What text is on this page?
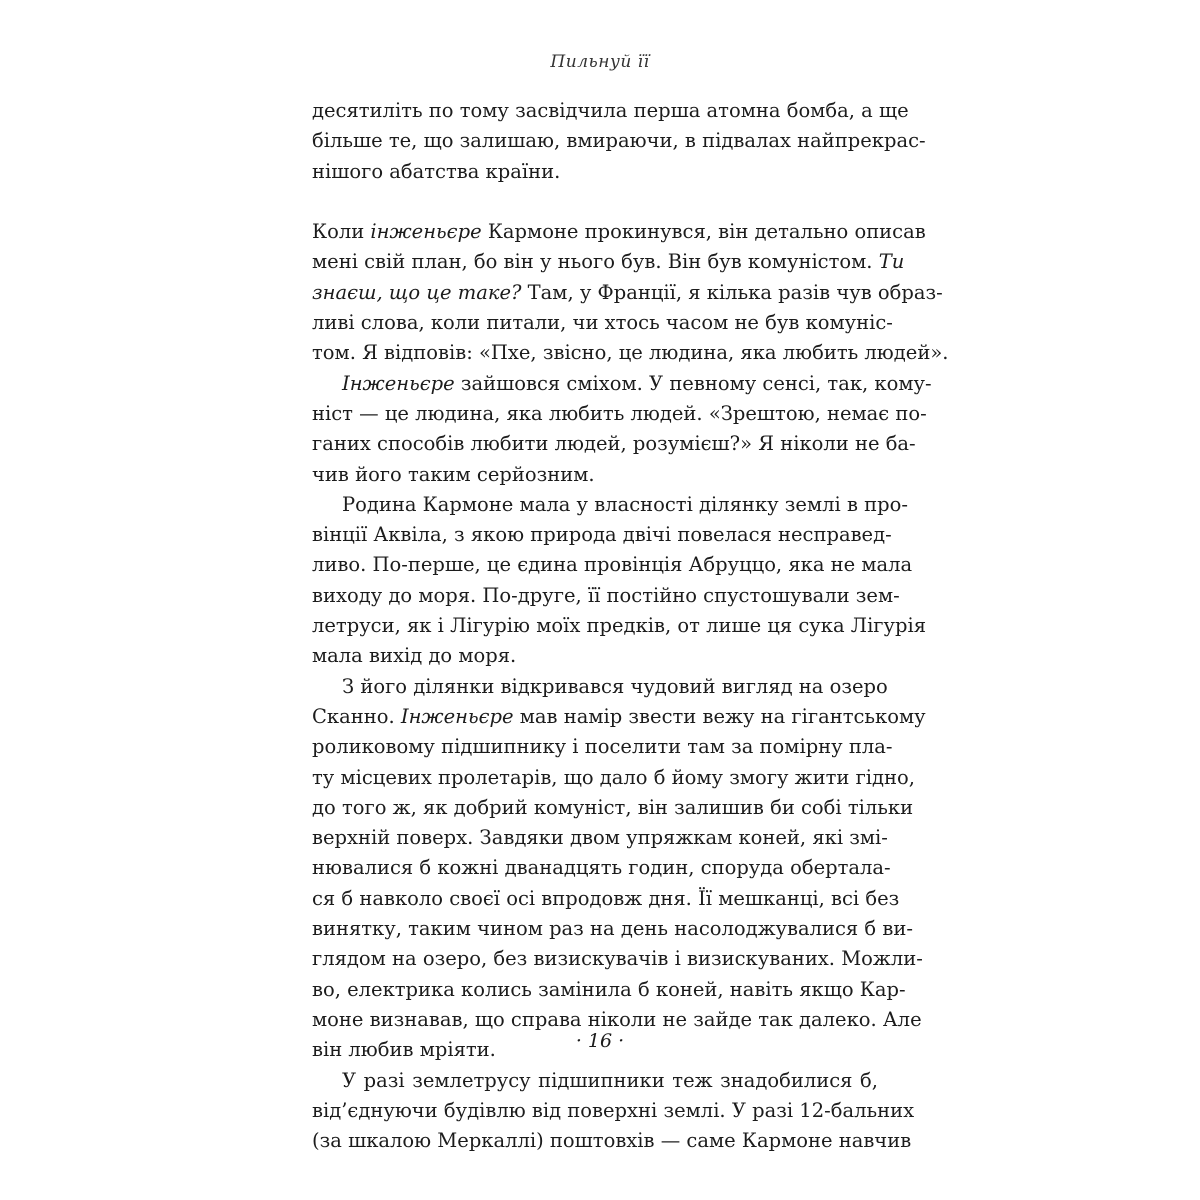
Пильнуй її
десятиліть по тому засвідчила перша атомна бомба, а ще
більше те, що залишаю, вмираючи, в підвалах найпрекрас-
нішого абатства країни.
Коли інженьєре Кармоне прокинувся, він детально описав
мені свій план, бо він у нього був. Він був комуністом. Ти
знаєш, що це таке? Там, у Франції, я кілька разів чув образ-
ливі слова, коли питали, чи хтось часом не був комуніс-
том. Я відповів: «Пхе, звісно, це людина, яка любить людей».
Інженьєре зайшовся сміхом. У певному сенсі, так, кому-
ніст — це людина, яка любить людей. «Зрештою, немає по-
ганих способів любити людей, розумієш?» Я ніколи не ба-
чив його таким серйозним.
Родина Кармоне мала у власності ділянку землі в про-
вінції Аквіла, з якою природа двічі повелася несправед-
ливо. По-перше, це єдина провінція Абруццо, яка не мала
виходу до моря. По-друге, її постійно спустошували зем-
летруси, як і Лігурію моїх предків, от лише ця сука Лігурія
мала вихід до моря.
З його ділянки відкривався чудовий вигляд на озеро
Сканно. Інженьєре мав намір звести вежу на гігантському
роликовому підшипнику і поселити там за помірну пла-
ту місцевих пролетарів, що дало б йому змогу жити гідно,
до того ж, як добрий комуніст, він залишив би собі тільки
верхній поверх. Завдяки двом упряжкам коней, які змі-
нювалися б кожні дванадцять годин, споруда обертала-
ся б навколо своєї осі впродовж дня. Її мешканці, всі без
винятку, таким чином раз на день насолоджувалися б ви-
глядом на озеро, без визискувачів і визискуваних. Можли-
во, електрика колись замінила б коней, навіть якщо Кар-
моне визнавав, що справа ніколи не зайде так далеко. Але
він любив мріяти.
У разі землетрусу підшипники теж знадобилися б,
від’єднуючи будівлю від поверхні землі. У разі 12-бальних
(за шкалою Меркаллі) поштовхів — саме Кармоне навчив
· 16 ·
